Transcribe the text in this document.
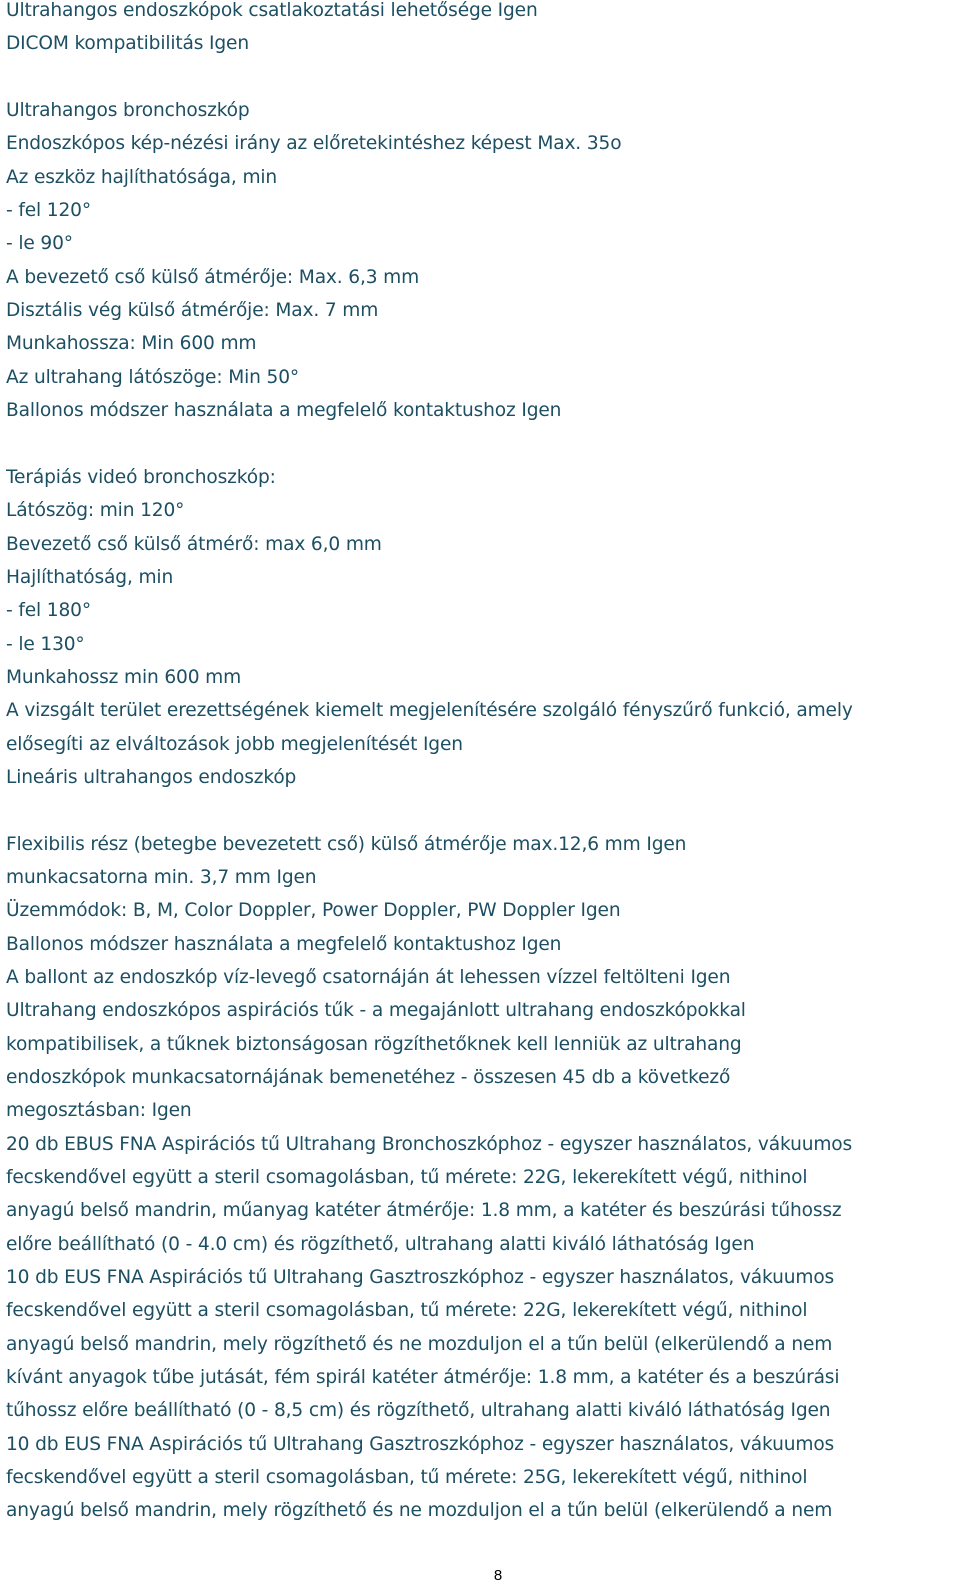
Ultrahangos endoszkópok csatlakoztatási lehetősége Igen
DICOM kompatibilitás Igen
Ultrahangos bronchoszkóp
Endoszkópos kép-nézési irány az előretekintéshez képest Max. 35o
Az eszköz hajlíthatósága, min
- fel 120°
- le 90°
A bevezető cső külső átmérője: Max. 6,3 mm
Disztális vég külső átmérője: Max. 7 mm
Munkahossza: Min 600 mm
Az ultrahang látószöge: Min 50°
Ballonos módszer használata a megfelelő kontaktushoz Igen
Terápiás videó bronchoszkóp:
Látószög: min 120°
Bevezető cső külső átmérő: max 6,0 mm
Hajlíthatóság, min
- fel 180°
- le 130°
Munkahossz min 600 mm
A vizsgált terület erezettségének kiemelt megjelenítésére szolgáló fényszűrő funkció, amely
elősegíti az elváltozások jobb megjelenítését Igen
Lineáris ultrahangos endoszkóp
Flexibilis rész (betegbe bevezetett cső) külső átmérője max.12,6 mm Igen
munkacsatorna min. 3,7 mm Igen
Üzemmódok: B, M, Color Doppler, Power Doppler, PW Doppler Igen
Ballonos módszer használata a megfelelő kontaktushoz Igen
A ballont az endoszkóp víz-levegő csatornáján át lehessen vízzel feltölteni Igen
Ultrahang endoszkópos aspirációs tűk - a megajánlott ultrahang endoszkópokkal
kompatibilisek, a tűknek biztonságosan rögzíthetőknek kell lenniük az ultrahang
endoszkópok munkacsatornájának bemenetéhez - összesen 45 db a következő
megosztásban: Igen
20 db EBUS FNA Aspirációs tű Ultrahang Bronchoszkóphoz - egyszer használatos, vákuumos
fecskendővel együtt a steril csomagolásban, tű mérete: 22G, lekerekített végű, nithinol
anyagú belső mandrin, műanyag katéter átmérője: 1.8 mm, a katéter és beszúrási tűhossz
előre beállítható (0 - 4.0 cm) és rögzíthető, ultrahang alatti kiváló láthatóság Igen
10 db EUS FNA Aspirációs tű Ultrahang Gasztroszkóphoz - egyszer használatos, vákuumos
fecskendővel együtt a steril csomagolásban, tű mérete: 22G, lekerekített végű, nithinol
anyagú belső mandrin, mely rögzíthető és ne mozduljon el a tűn belül (elkerülendő a nem
kívánt anyagok tűbe jutását, fém spirál katéter átmérője: 1.8 mm, a katéter és a beszúrási
tűhossz előre beállítható (0 - 8,5 cm) és rögzíthető, ultrahang alatti kiváló láthatóság Igen
10 db EUS FNA Aspirációs tű Ultrahang Gasztroszkóphoz - egyszer használatos, vákuumos
fecskendővel együtt a steril csomagolásban, tű mérete: 25G, lekerekített végű, nithinol
anyagú belső mandrin, mely rögzíthető és ne mozduljon el a tűn belül (elkerülendő a nem
8
